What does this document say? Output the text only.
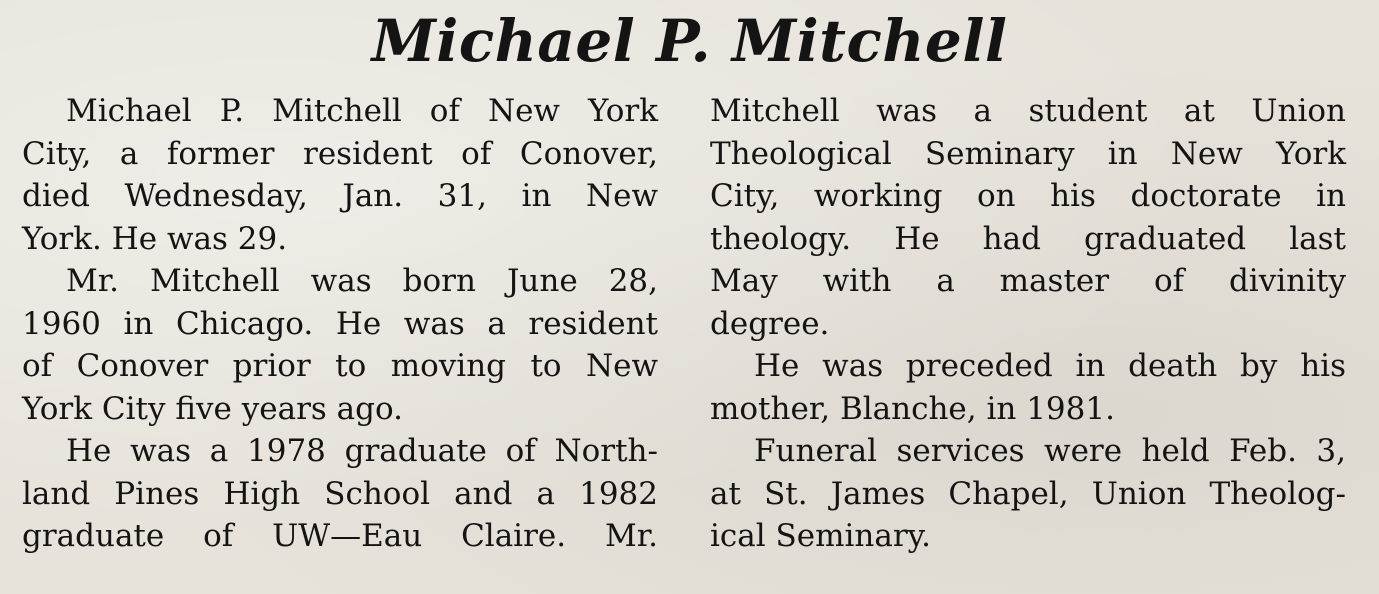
Michael P. Mitchell

Michael P. Mitchell of New York
City, a former resident of Conover,
died Wednesday, Jan. 31, in New
York. He was 29.

Mr. Mitchell was born June 28,
1960 in Chicago. He was a resident
of Conover prior to moving to New
York City five years ago.

He was a 1978 graduate of North-
land Pines High School and a 1982
graduate of UW—Eau Claire. Mr.

Mitchell was a student at Union
Theological Seminary in New York
City, working on his doctorate in
theology. He had graduated last
May with a master of divinity
degree.

He was preceded in death by his
mother, Blanche, in 1981.

Funeral services were held Feb. 3,
at St. James Chapel, Union Theolog-
ical Seminary.
